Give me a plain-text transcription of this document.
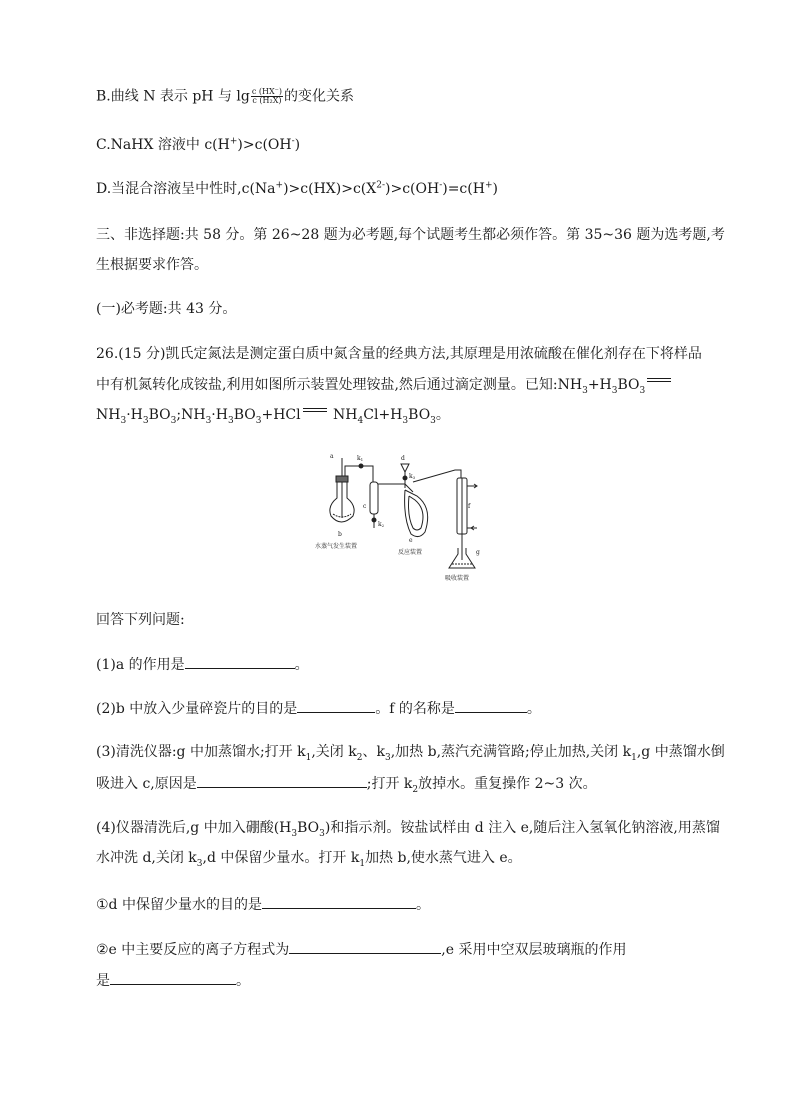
B.曲线 N 表示 pH 与 $\lg \frac{c (HX^-)}{\text{c (H₂X)}}$ 的变化关系
C.NaHX 溶液中 c(H+)>c(OH-)
D.当混合溶液呈中性时$,c(Na^+)>c(HX)>c(X^{2-})>c(OH^-)=c(H^+)$
三、非选择题:共 58 分。第 26~28 题为必考题,每个试题考生都必须作答。第 35~36 题为选考题,考
生根据要求作答。
(一)必考题:共 43 分。
26.(15 分)凯氏定氮法是测定蛋白质中氮含量的经典方法,其原理是用浓硫酸在催化剂存在下将样品
中有机氮转化成铵盐,利用如图所示装置处理铵盐,然后通过滴定测量。已知$:NH_3+H_3BO_3$
$NH_3\cdot H_3BO_3;NH_3\cdot H_3BO_3+HCl$
$NH_4Cl+H_3BO_3$。
a
b
c
d
e
f
g
k1
k2
k3
水蒸气发生装置
反应装置
吸收装置
回答下列问题:
(1)a 的作用是	。
(2)b 中放入少量碎瓷片的目的是	。f 的名称是	。
(3)清洗仪器:g 中加蒸馏水;打开 $k_1$,关闭 $k_2$、$k_3$,加热 b,蒸汽充满管路;停止加热,关闭 $k_1,g$ 中蒸馏水倒
吸进入 c,原因是	;打开 $k_2$放掉水。重复操作 2~3 次。
(4)仪器清洗后,g 中加入硼酸$(H_3BO_3)$和指示剂。铵盐试样由 d 注入 e,随后注入氢氧化钠溶液,用蒸馏
水冲洗 d,关闭 $k_3,d$ 中保留少量水。打开 $k_1$加热 b,使水蒸气进入 e。
①d 中保留少量水的目的是	。
②e 中主要反应的离子方程式为	,e 采用中空双层玻璃瓶的作用
是	。
